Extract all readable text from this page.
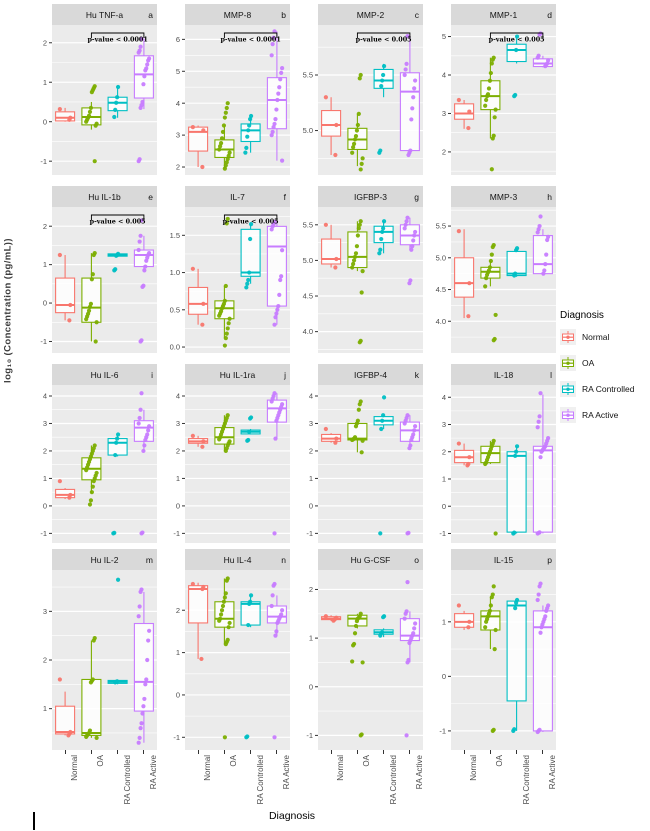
log₁₀ (Concentration (pg/mL))
Hu TNF-a	a
-1
0
1
2	p-value < 0.0001
MMP-8	b
2
3
4
5
6	p-value < 0.0001
MMP-2	c
5.0
5.5
p-value < 0.005
MMP-1	d
2
3
4
5	p-value < 0.005
Hu IL-1b	e
-1
0
1
2
p-value < 0.005
IL-7	f
0.0
0.5
1.0
1.5
p-value < 0.005
IGFBP-3	g
4.0
4.5
5.0
5.5
MMP-3	h
4.0
4.5
5.0
5.5
Hu IL-6	i
-1
0
1
2
3
4
Hu IL-1ra	j
-1
0
1
2
3
4
IGFBP-4	k
-1
0
1
2
3
4
IL-18	l
-1
0
1
2
3
4
Hu IL-2	m
1
2
3
Hu IL-4	n
-1
0
1
2
Hu G-CSF	o
-1
0
1
2
IL-15	p
-1
0
1
Normal OA RA Controlled RA Active	Normal OA RA Controlled RA Active	Normal OA RA Controlled RA Active	Normal OA RA Controlled RA Active
Diagnosis
Diagnosis
Normal
OA
RA Controlled
RA Active
